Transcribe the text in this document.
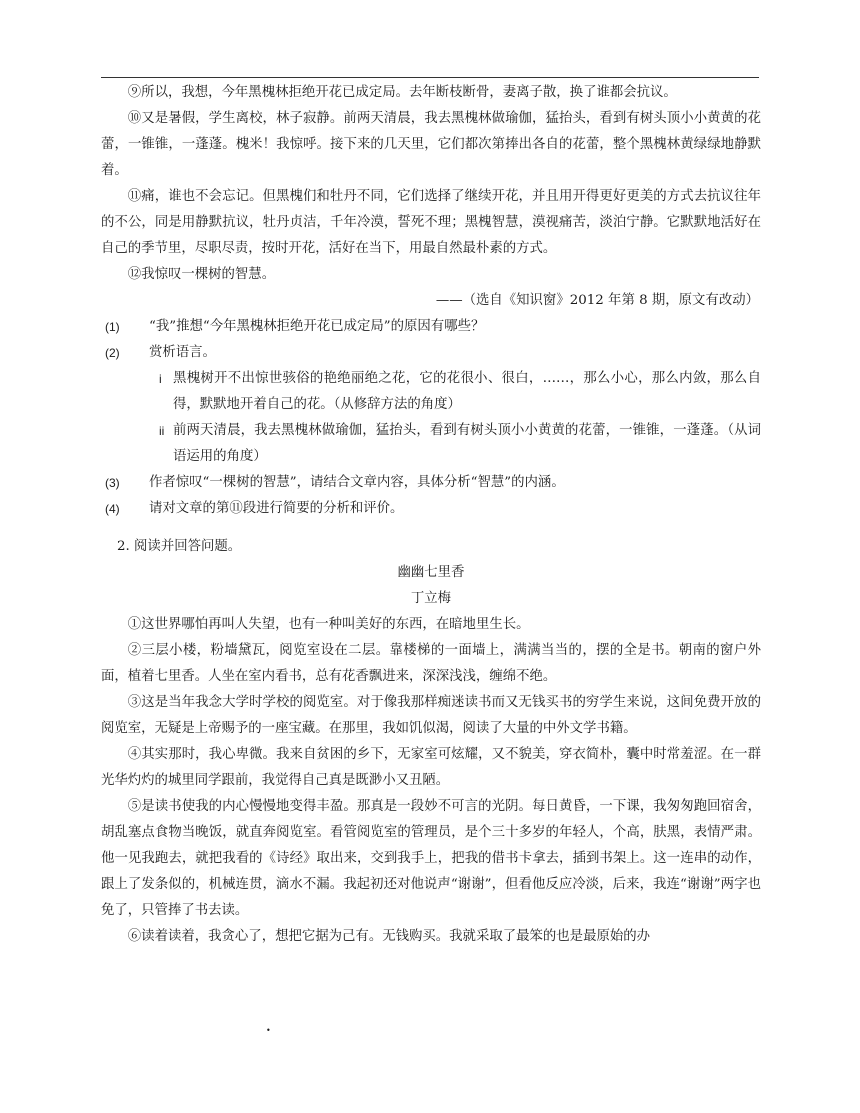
⑨所以，我想，今年黑槐林拒绝开花已成定局。去年断枝断骨，妻离子散，换了谁都会抗议。

⑩又是暑假，学生离校，林子寂静。前两天清晨，我去黑槐林做瑜伽，猛抬头，看到有树头顶小小黄黄的花蕾，一锥锥，一蓬蓬。槐米！我惊呼。接下来的几天里，它们都次第捧出各自的花蕾，整个黑槐林黄绿绿地静默着。

⑪痛，谁也不会忘记。但黑槐们和牡丹不同，它们选择了继续开花，并且用开得更好更美的方式去抗议往年的不公，同是用静默抗议，牡丹贞洁，千年冷漠，誓死不理；黑槐智慧，漠视痛苦，淡泊宁静。它默默地活好在自己的季节里，尽职尽责，按时开花，活好在当下，用最自然最朴素的方式。

⑫我惊叹一棵树的智慧。

——（选自《知识窗》2012 年第 8 期，原文有改动）

(1)	“我”推想“今年黑槐林拒绝开花已成定局”的原因有哪些？
(2)	赏析语言。
i 黑槐树开不出惊世骇俗的艳绝丽绝之花，它的花很小、很白，……，那么小心，那么内敛，那么自得，默默地开着自己的花。（从修辞方法的角度）
ii 前两天清晨，我去黑槐林做瑜伽，猛抬头，看到有树头顶小小黄黄的花蕾，一锥锥，一蓬蓬。（从词语运用的角度）
(3)	作者惊叹“一棵树的智慧”，请结合文章内容，具体分析“智慧”的内涵。
(4)	请对文章的第⑪段进行简要的分析和评价。

2. 阅读并回答问题。

幽幽七里香

丁立梅

①这世界哪怕再叫人失望，也有一种叫美好的东西，在暗地里生长。

②三层小楼，粉墙黛瓦，阅览室设在二层。靠楼梯的一面墙上，满满当当的，摆的全是书。朝南的窗户外面，植着七里香。人坐在室内看书，总有花香飘进来，深深浅浅，缠绵不绝。

③这是当年我念大学时学校的阅览室。对于像我那样痴迷读书而又无钱买书的穷学生来说，这间免费开放的阅览室，无疑是上帝赐予的一座宝藏。在那里，我如饥似渴，阅读了大量的中外文学书籍。

④其实那时，我心卑微。我来自贫困的乡下，无家室可炫耀，又不貌美，穿衣简朴，囊中时常羞涩。在一群光华灼灼的城里同学跟前，我觉得自己真是既渺小又丑陋。

⑤是读书使我的内心慢慢地变得丰盈。那真是一段妙不可言的光阴。每日黄昏，一下课，我匆匆跑回宿舍，胡乱塞点食物当晚饭，就直奔阅览室。看管阅览室的管理员，是个三十多岁的年轻人，个高，肤黑，表情严肃。他一见我跑去，就把我看的《诗经》取出来，交到我手上，把我的借书卡拿去，插到书架上。这一连串的动作，跟上了发条似的，机械连贯，滴水不漏。我起初还对他说声“谢谢”，但看他反应冷淡，后来，我连“谢谢”两字也免了，只管捧了书去读。

⑥读着读着，我贪心了，想把它据为己有。无钱购买。我就采取了最笨的也是最原始的办

•
